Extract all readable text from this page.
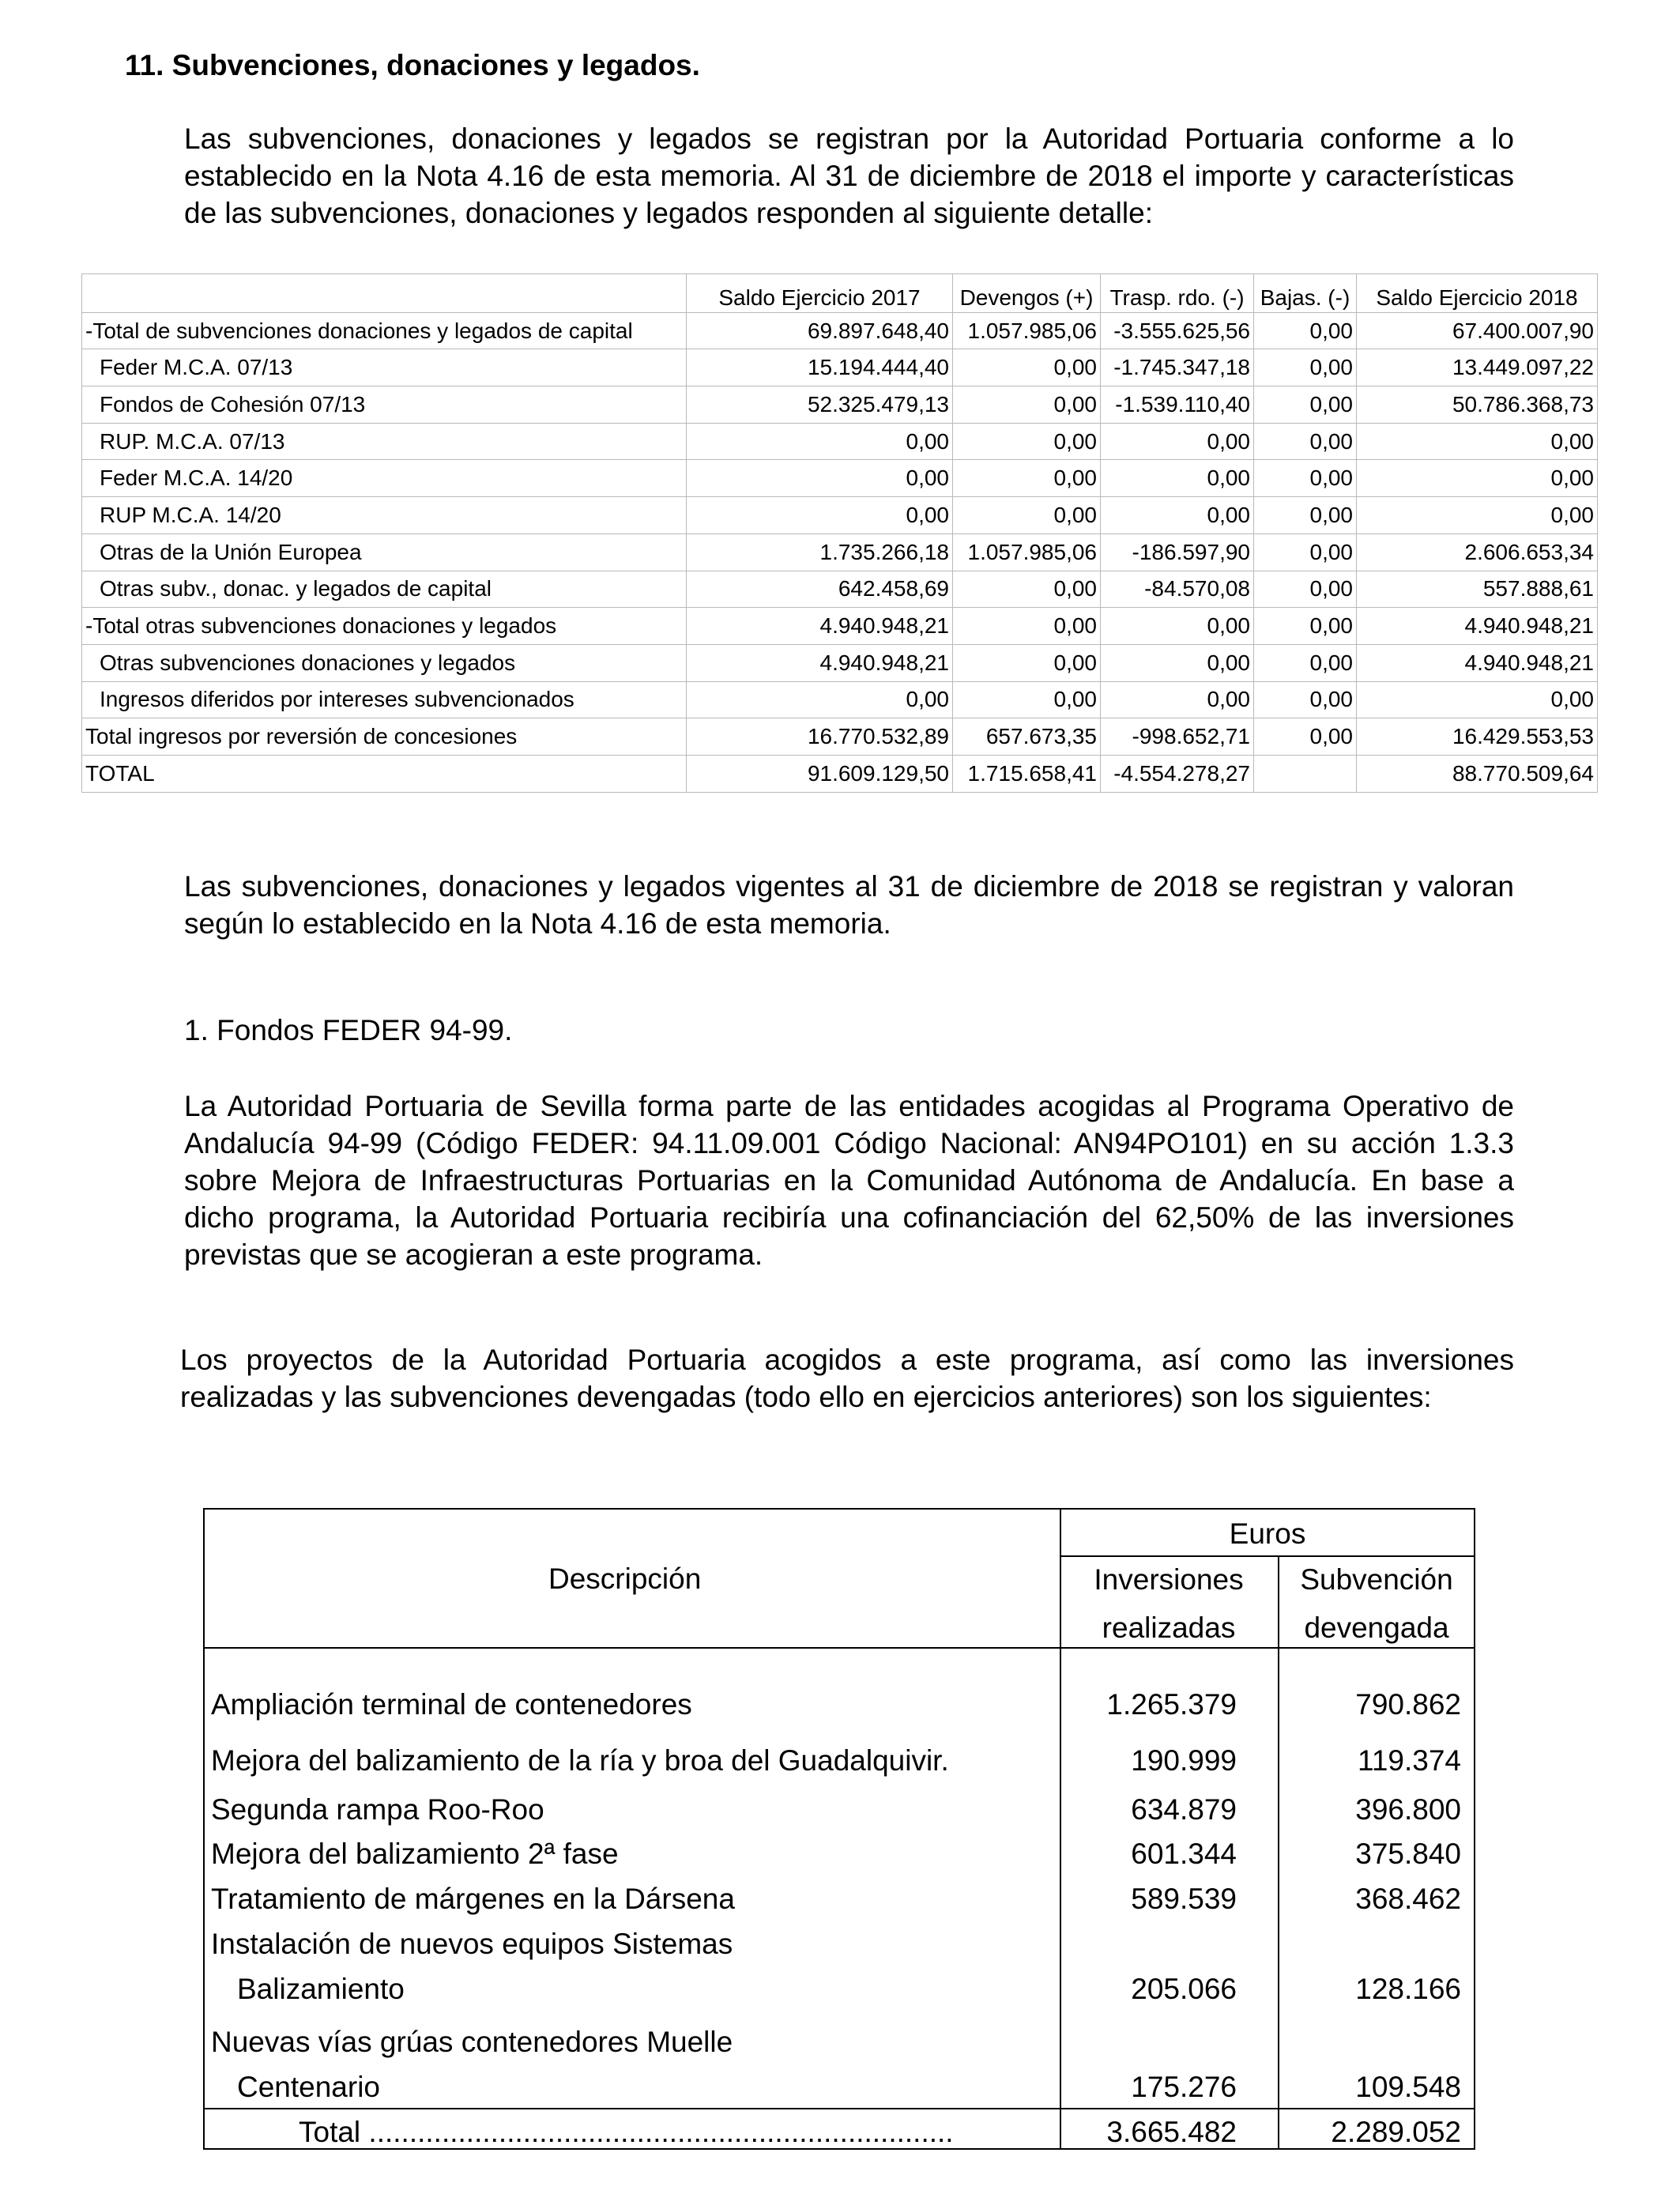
11. Subvenciones, donaciones y legados.
Las subvenciones, donaciones y legados se registran por la Autoridad Portuaria conforme a lo establecido en la Nota 4.16 de esta memoria. Al 31 de diciembre de 2018 el importe y características de las subvenciones, donaciones y legados responden al siguiente detalle:
	Saldo Ejercicio 2017	Devengos (+)	Trasp. rdo. (-)	Bajas. (-)	Saldo Ejercicio 2018
-Total de subvenciones donaciones y legados de capital	69.897.648,40	1.057.985,06	-3.555.625,56	0,00	67.400.007,90
Feder M.C.A. 07/13	15.194.444,40	0,00	-1.745.347,18	0,00	13.449.097,22
Fondos de Cohesión 07/13	52.325.479,13	0,00	-1.539.110,40	0,00	50.786.368,73
RUP. M.C.A. 07/13	0,00	0,00	0,00	0,00	0,00
Feder M.C.A. 14/20	0,00	0,00	0,00	0,00	0,00
RUP M.C.A. 14/20	0,00	0,00	0,00	0,00	0,00
Otras de la Unión Europea	1.735.266,18	1.057.985,06	-186.597,90	0,00	2.606.653,34
Otras subv., donac. y legados de capital	642.458,69	0,00	-84.570,08	0,00	557.888,61
-Total otras subvenciones donaciones y legados	4.940.948,21	0,00	0,00	0,00	4.940.948,21
Otras subvenciones donaciones y legados	4.940.948,21	0,00	0,00	0,00	4.940.948,21
Ingresos diferidos por intereses subvencionados	0,00	0,00	0,00	0,00	0,00
Total ingresos por reversión de concesiones	16.770.532,89	657.673,35	-998.652,71	0,00	16.429.553,53
TOTAL	91.609.129,50	1.715.658,41	-4.554.278,27		88.770.509,64
Las subvenciones, donaciones y legados vigentes al 31 de diciembre de 2018 se registran y valoran según lo establecido en la Nota 4.16 de esta memoria.
1. Fondos FEDER 94-99.
La Autoridad Portuaria de Sevilla forma parte de las entidades acogidas al Programa Operativo de Andalucía 94-99 (Código FEDER: 94.11.09.001 Código Nacional: AN94PO101) en su acción 1.3.3 sobre Mejora de Infraestructuras Portuarias en la Comunidad Autónoma de Andalucía. En base a dicho programa, la Autoridad Portuaria recibiría una cofinanciación del 62,50% de las inversiones previstas que se acogieran a este programa.
Los proyectos de la Autoridad Portuaria acogidos a este programa, así como las inversiones realizadas y las subvenciones devengadas (todo ello en ejercicios anteriores) son los siguientes:
Descripción
Euros
Inversiones
realizadas
Subvención
devengada
Ampliación terminal de contenedores	1.265.379	790.862
Mejora del balizamiento de la ría y broa del Guadalquivir.	190.999	119.374
Segunda rampa Roo-Roo	634.879	396.800
Mejora del balizamiento 2ª fase	601.344	375.840
Tratamiento de márgenes en la Dársena	589.539	368.462
Instalación de nuevos equipos Sistemas
Balizamiento	205.066	128.166
Nuevas vías grúas contenedores Muelle
Centenario	175.276	109.548
Total ........................................................................	3.665.482	2.289.052
